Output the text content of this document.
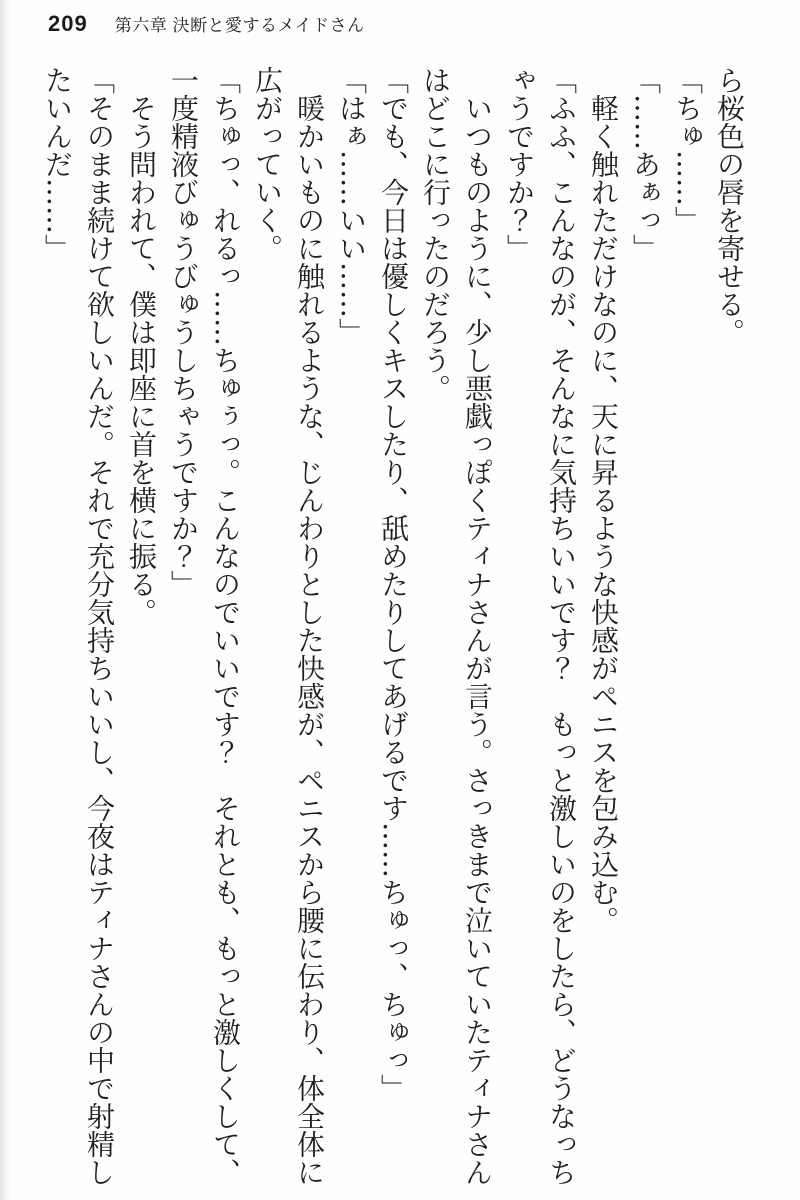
209 第六章 決断と愛するメイドさん

ら桜色の唇を寄せる。

「ちゅ……」

「……あぁっ」

軽く触れただけなのに、天に昇るような快感がペニスを包み込む。

「ふふ、こんなのが、そんなに気持ちいいです？　もっと激しいのをしたら、どうなっちゃうですか？」

いつものように、少し悪戯っぽくティナさんが言う。さっきまで泣いていたティナさんはどこに行ったのだろう。

「でも、今日は優しくキスしたり、舐めたりしてあげるです……ちゅっ、ちゅっ」

「はぁ……いい……」

暖かいものに触れるような、じんわりとした快感が、ペニスから腰に伝わり、体全体に広がっていく。

「ちゅっ、れるっ……ちゅぅっ。こんなのでいいです？　それとも、もっと激しくして、一度精液びゅうびゅうしちゃうですか？」

そう問われて、僕は即座に首を横に振る。

「そのまま続けて欲しいんだ。それで充分気持ちいいし、今夜はティナさんの中で射精したいんだ……」
